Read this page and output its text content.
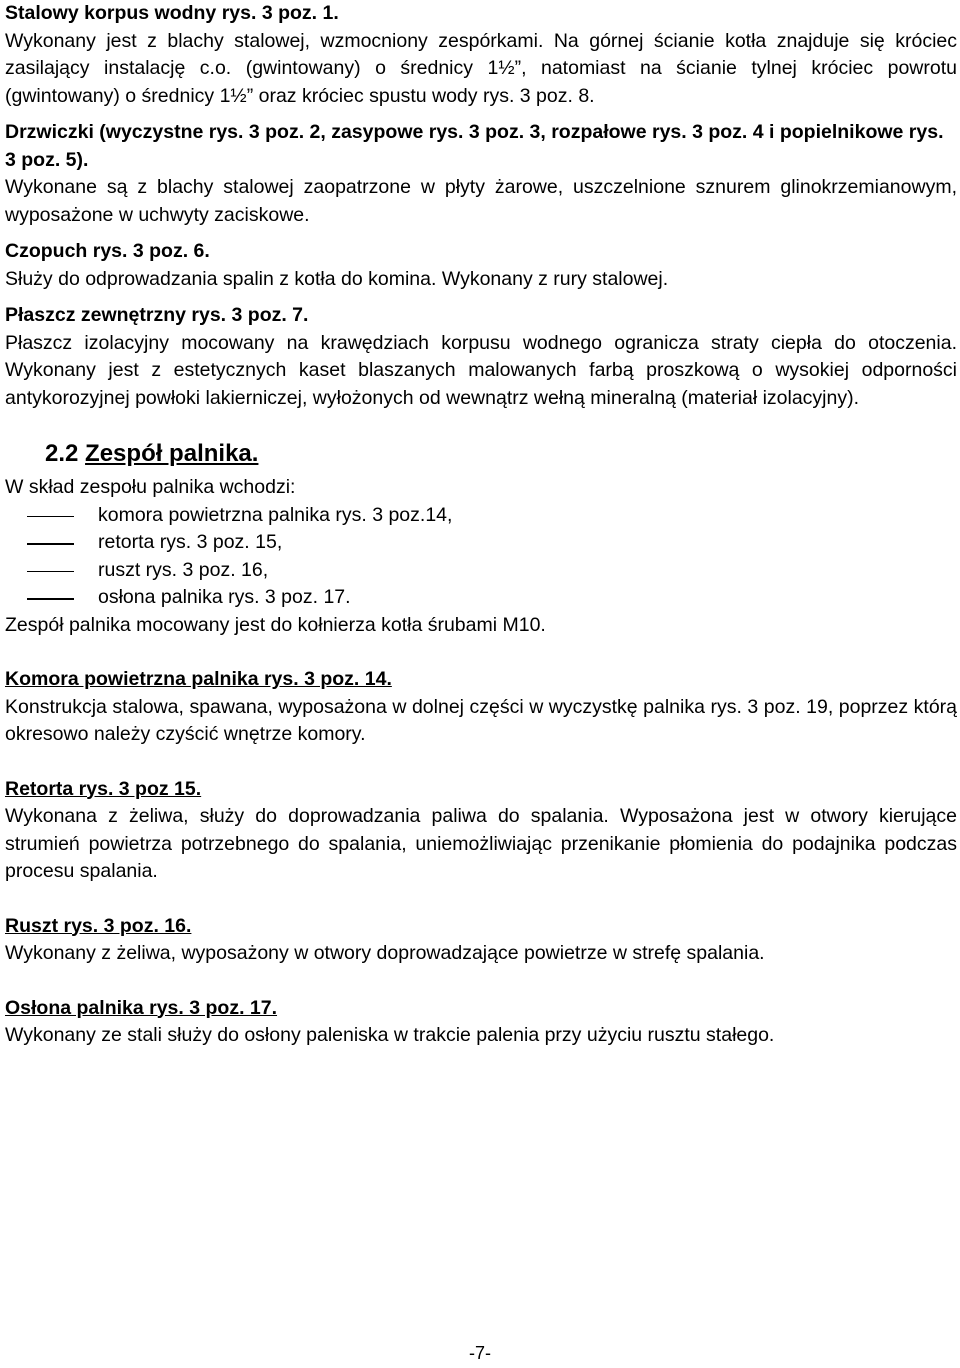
Stalowy korpus wodny rys. 3 poz. 1.

Wykonany jest z blachy stalowej, wzmocniony zespórkami. Na górnej ścianie kotła znajduje się króciec zasilający instalację c.o. (gwintowany) o średnicy 1½”, natomiast na ścianie tylnej króciec powrotu (gwintowany) o średnicy 1½” oraz króciec spustu wody rys. 3 poz. 8.

Drzwiczki (wyczystne rys. 3 poz. 2, zasypowe rys. 3 poz. 3, rozpałowe rys. 3 poz. 4 i popielnikowe rys. 3 poz. 5).

Wykonane są z blachy stalowej zaopatrzone w płyty żarowe, uszczelnione sznurem glinokrzemianowym, wyposażone w uchwyty zaciskowe.

Czopuch rys. 3 poz. 6.

Służy do odprowadzania spalin z kotła do komina. Wykonany z rury stalowej.

Płaszcz zewnętrzny rys. 3 poz. 7.

Płaszcz izolacyjny mocowany na krawędziach korpusu wodnego ogranicza straty ciepła do otoczenia. Wykonany jest z estetycznych kaset blaszanych malowanych farbą proszkową o wysokiej odporności antykorozyjnej powłoki lakierniczej, wyłożonych od wewnątrz wełną mineralną (materiał izolacyjny).

2.2 Zespół palnika.

W skład zespołu palnika wchodzi:

komora powietrzna palnika rys. 3 poz.14,
retorta rys. 3 poz. 15,
ruszt rys. 3 poz. 16,
osłona palnika rys. 3 poz. 17.

Zespół palnika mocowany jest do kołnierza kotła śrubami M10.

Komora powietrzna palnika rys. 3 poz. 14.

Konstrukcja stalowa, spawana, wyposażona w dolnej części w wyczystkę palnika rys. 3 poz. 19, poprzez którą okresowo należy czyścić wnętrze komory.

Retorta rys. 3 poz 15.

Wykonana z żeliwa, służy do doprowadzania paliwa do spalania. Wyposażona jest w otwory kierujące strumień powietrza potrzebnego do spalania, uniemożliwiając przenikanie płomienia do podajnika podczas procesu spalania.

Ruszt rys. 3 poz. 16.

Wykonany z żeliwa, wyposażony w otwory doprowadzające powietrze w strefę spalania.

Osłona palnika rys. 3 poz. 17.

Wykonany ze stali służy do osłony paleniska w trakcie palenia przy użyciu rusztu stałego.

-7-
